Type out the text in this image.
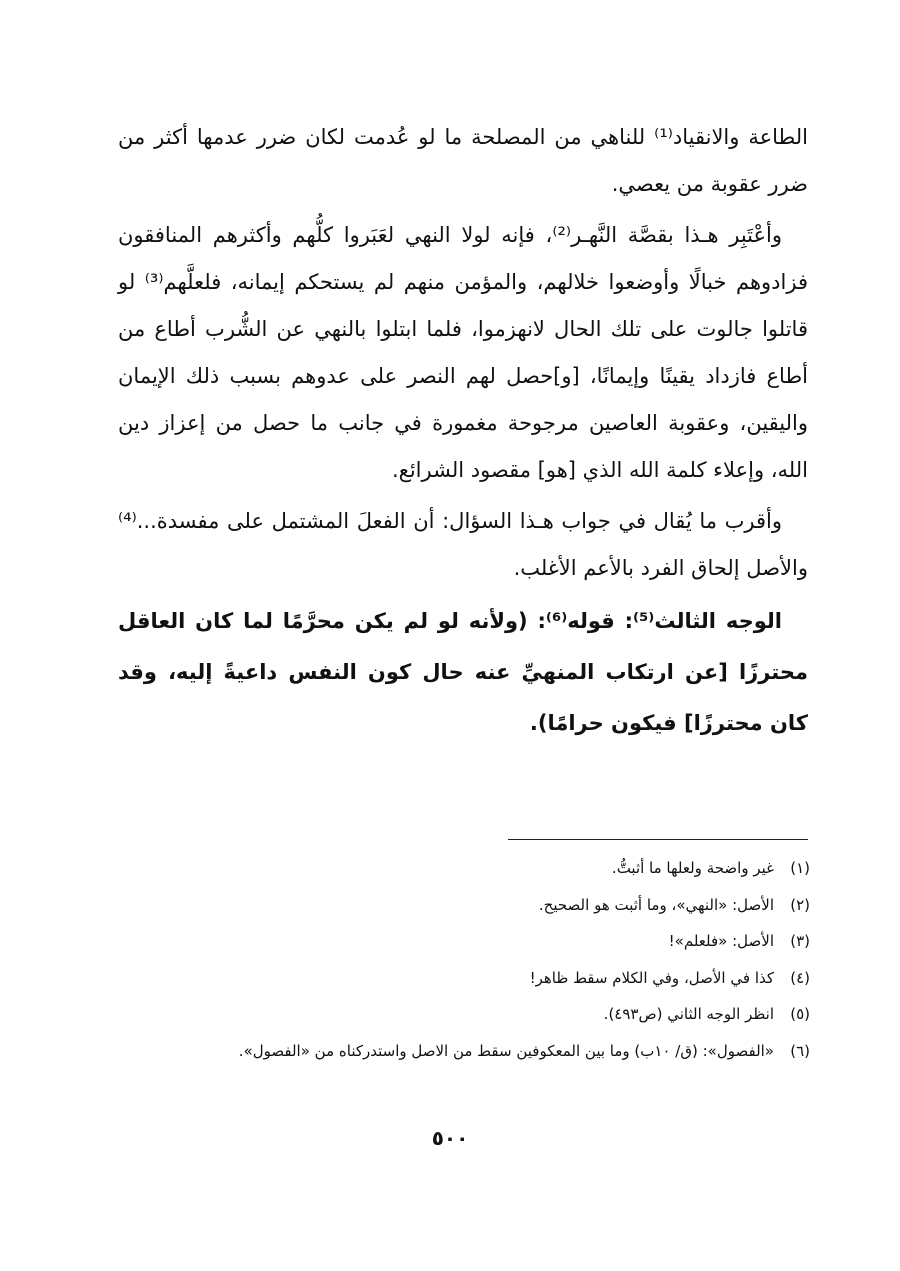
الطاعة والانقياد⁽¹⁾ للناهي من المصلحة ما لو عُدمت لكان ضرر عدمها أكثر من ضرر عقوبة من يعصي.

وأعْتَبِر هـذا بقصَّة النَّهـر⁽²⁾، فإنه لولا النهي لعَبَروا كلُّهم وأكثرهم المنافقون فزادوهم خبالًا وأوضعوا خلالهم، والمؤمن منهم لم يستحكم إيمانه، فلعلَّهم⁽³⁾ لو قاتلوا جالوت على تلك الحال لانهزموا، فلما ابتلوا بالنهي عن الشُّرب أطاع من أطاع فازداد يقينًا وإيمانًا، [و]حصل لهم النصر على عدوهم بسبب ذلك الإيمان واليقين، وعقوبة العاصين مرجوحة مغمورة في جانب ما حصل من إعزاز دين الله، وإعلاء كلمة الله الذي [هو] مقصود الشرائع.

وأقرب ما يُقال في جواب هـذا السؤال: أن الفعلَ المشتمل على مفسدة...⁽⁴⁾ والأصل إلحاق الفرد بالأعم الأغلب.

الوجه الثالث⁽⁵⁾: قوله⁽⁶⁾: (ولأنه لو لم يكن محرَّمًا لما كان العاقل محترزًا [عن ارتكاب المنهيِّ عنه حال كون النفس داعيةً إليه، وقد كان محترزًا] فيكون حرامًا).

(١)
غير واضحة ولعلها ما أثبتُّ.
(٢)
الأصل: «النهي»، وما أثبت هو الصحيح.
(٣)
الأصل: «فلعلم»!
(٤)
كذا في الأصل، وفي الكلام سقط ظاهر!
(٥)
انظر الوجه الثاني (ص٤٩٣).
(٦)
«الفصول»: (ق/ ١٠ب) وما بين المعكوفين سقط من الاصل واستدركناه من «الفصول».
٥٠٠
